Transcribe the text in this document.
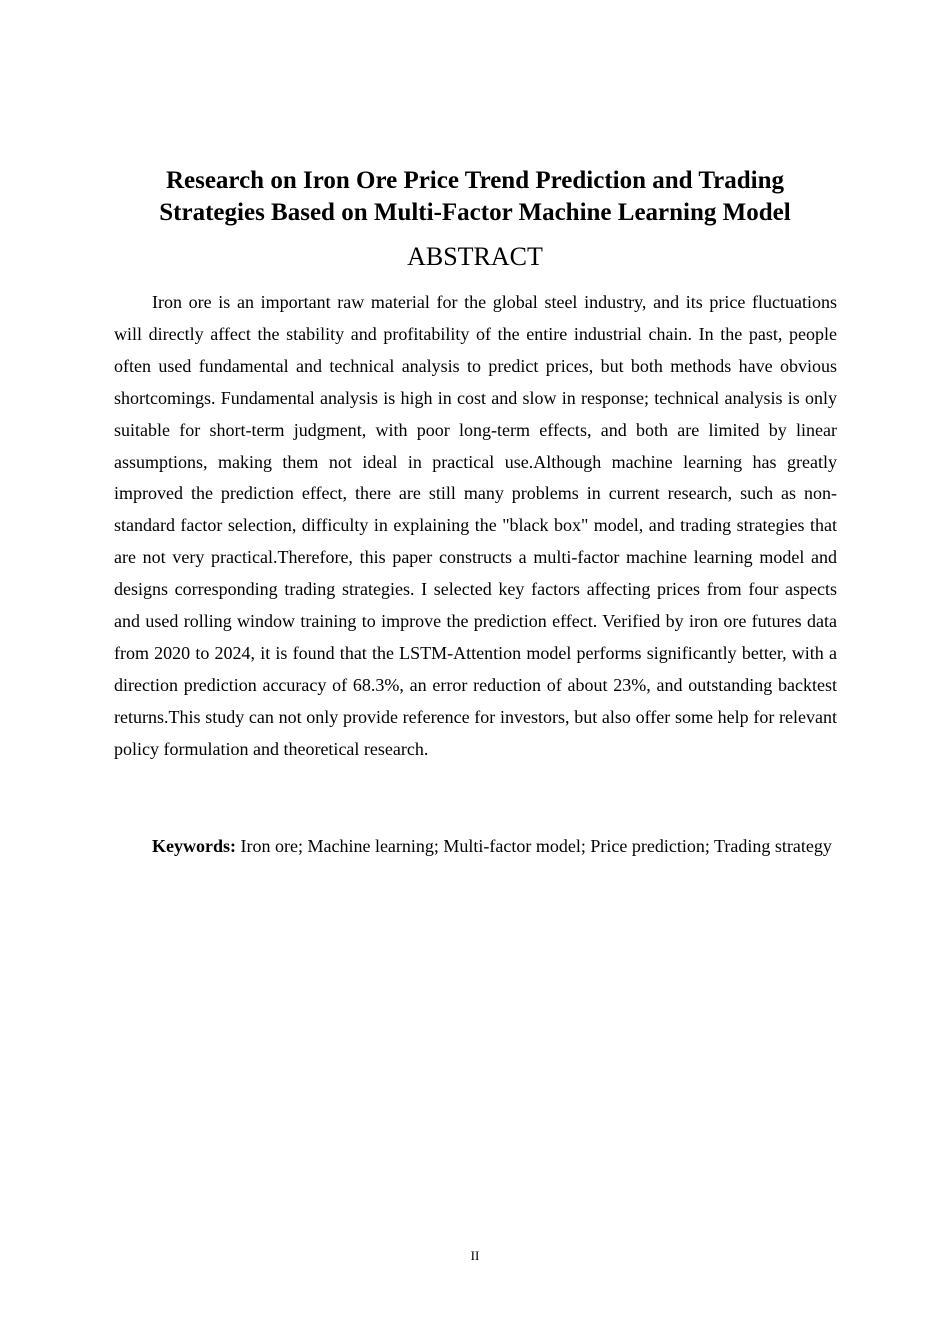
Research on Iron Ore Price Trend Prediction and Trading
Strategies Based on Multi-Factor Machine Learning Model
ABSTRACT

Iron ore is an important raw material for the global steel industry, and its price fluctuations will directly affect the stability and profitability of the entire industrial chain. In the past, people often used fundamental and technical analysis to predict prices, but both methods have obvious shortcomings. Fundamental analysis is high in cost and slow in response; technical analysis is only suitable for short-term judgment, with poor long-term effects, and both are limited by linear assumptions, making them not ideal in practical use.Although machine learning has greatly improved the prediction effect, there are still many problems in current research, such as non-standard factor selection, difficulty in explaining the "black box" model, and trading strategies that are not very practical.Therefore, this paper constructs a multi-factor machine learning model and designs corresponding trading strategies. I selected key factors affecting prices from four aspects and used rolling window training to improve the prediction effect. Verified by iron ore futures data from 2020 to 2024, it is found that the LSTM-Attention model performs significantly better, with a direction prediction accuracy of 68.3%, an error reduction of about 23%, and outstanding backtest returns.This study can not only provide reference for investors, but also offer some help for relevant policy formulation and theoretical research.

Keywords: Iron ore; Machine learning; Multi-factor model; Price prediction; Trading strategy

II
